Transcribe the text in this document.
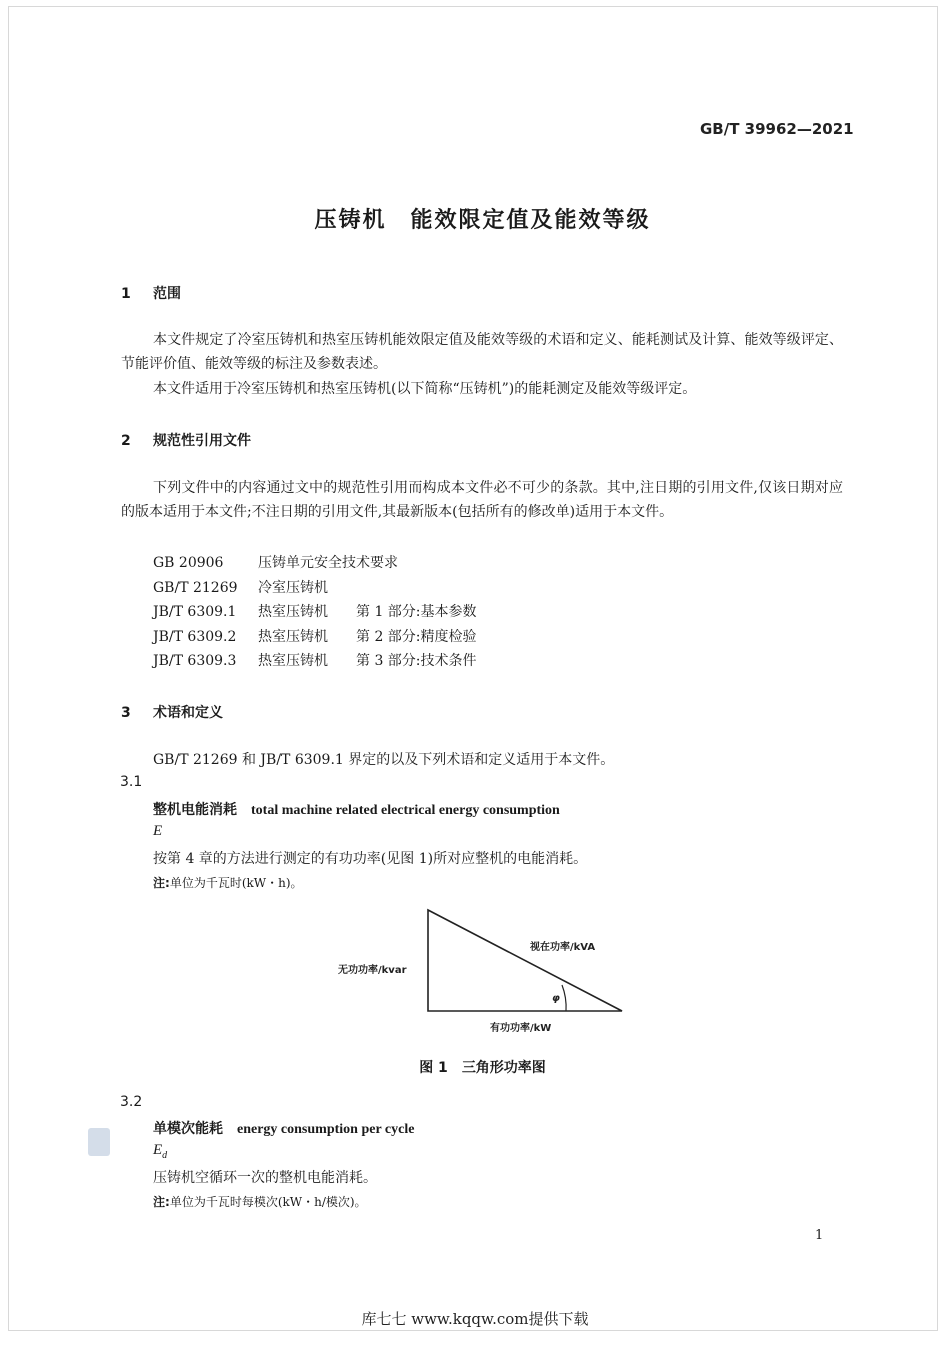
GB/T 39962—2021
压铸机　能效限定值及能效等级
1 范围
本文件规定了冷室压铸机和热室压铸机能效限定值及能效等级的术语和定义、能耗测试及计算、能效等级评定、节能评价值、能效等级的标注及参数表述。
本文件适用于冷室压铸机和热室压铸机(以下简称“压铸机”)的能耗测定及能效等级评定。
2 规范性引用文件
下列文件中的内容通过文中的规范性引用而构成本文件必不可少的条款。其中,注日期的引用文件,仅该日期对应的版本适用于本文件;不注日期的引用文件,其最新版本(包括所有的修改单)适用于本文件。
GB 20906 压铸单元安全技术要求
GB/T 21269 冷室压铸机
JB/T 6309.1 热室压铸机 第 1 部分:基本参数
JB/T 6309.2 热室压铸机 第 2 部分:精度检验
JB/T 6309.3 热室压铸机 第 3 部分:技术条件
3 术语和定义
GB/T 21269 和 JB/T 6309.1 界定的以及下列术语和定义适用于本文件。
3.1
整机电能消耗 total machine related electrical energy consumption
E
按第 4 章的方法进行测定的有功功率(见图 1)所对应整机的电能消耗。
注:单位为千瓦时(kW・h)。
φ
视在功率/kVA
无功功率/kvar
有功功率/kW
图 1 三角形功率图
3.2
单模次能耗 energy consumption per cycle
$E_d$
压铸机空循环一次的整机电能消耗。
注:单位为千瓦时每模次(kW・h/模次)。
1
库七七 www.kqqw.com提供下载
